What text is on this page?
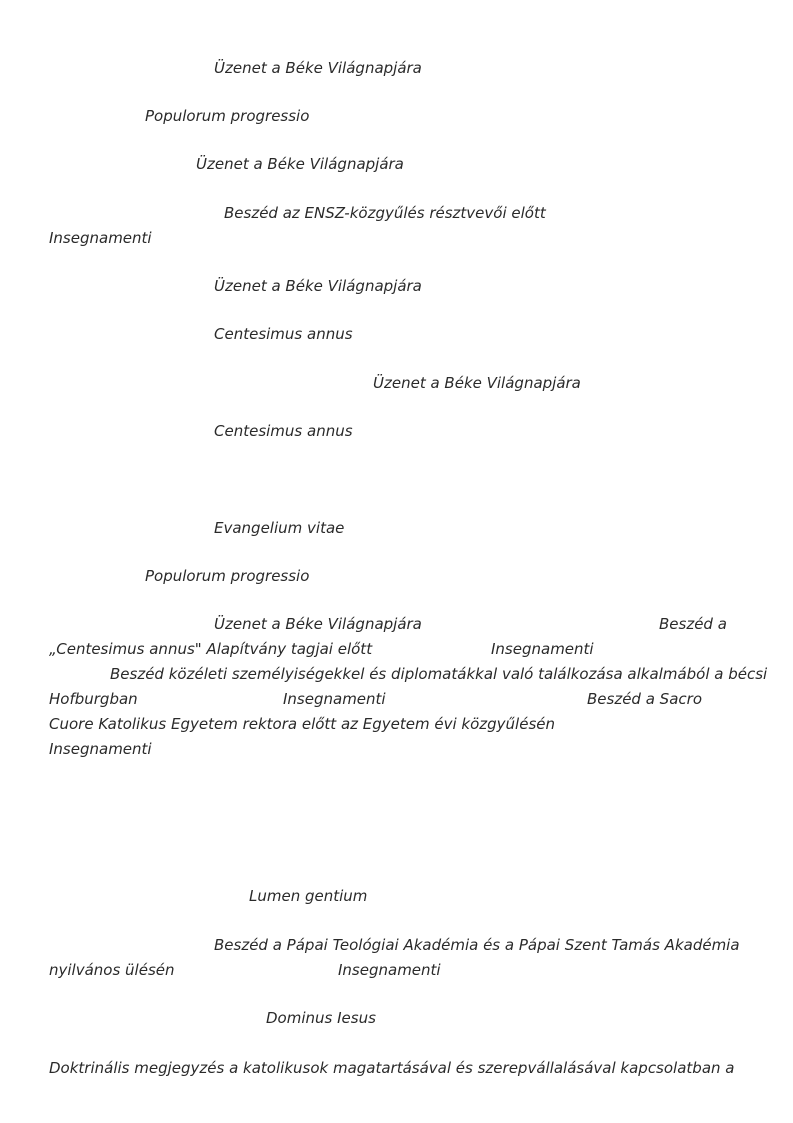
Üzenet a Béke Világnapjára
Populorum progressio
Üzenet a Béke Világnapjára
Beszéd az ENSZ-közgyűlés résztvevői előtt
Insegnamenti
Üzenet a Béke Világnapjára
Centesimus annus
Üzenet a Béke Világnapjára
Centesimus annus
Evangelium vitae
Populorum progressio
Üzenet a Béke Világnapjára	Beszéd a
„Centesimus annus" Alapítvány tagjai előtt	Insegnamenti
Beszéd közéleti személyiségekkel és diplomatákkal való találkozása alkalmából a bécsi
Hofburgban	Insegnamenti	Beszéd a Sacro
Cuore Katolikus Egyetem rektora előtt az Egyetem évi közgyűlésén
Insegnamenti
Lumen gentium
Beszéd a Pápai Teológiai Akadémia és a Pápai Szent Tamás Akadémia
nyilvános ülésén	Insegnamenti
Dominus Iesus
Doktrinális megjegyzés a katolikusok magatartásával és szerepvállalásával kapcsolatban a
